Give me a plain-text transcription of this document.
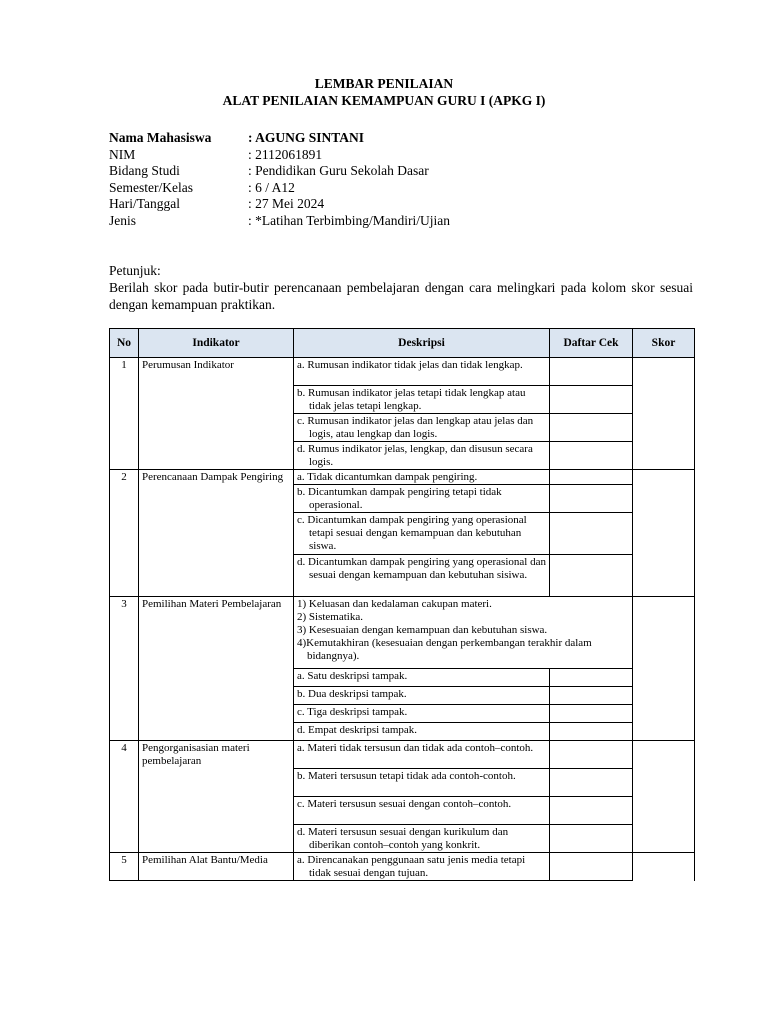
LEMBAR PENILAIAN
ALAT PENILAIAN KEMAMPUAN GURU I (APKG I)
Nama Mahasiswa	: AGUNG SINTANI
NIM	: 2112061891
Bidang Studi	: Pendidikan Guru Sekolah Dasar
Semester/Kelas	: 6 / A12
Hari/Tanggal	: 27 Mei 2024
Jenis	: *Latihan Terbimbing/Mandiri/Ujian

Petunjuk:

Berilah skor pada butir-butir perencanaan pembelajaran dengan cara melingkari pada kolom skor sesuai dengan kemampuan praktikan.

No	Indikator	Deskripsi	Daftar Cek	Skor
1	Perumusan Indikator	a. Rumusan indikator tidak jelas dan tidak lengkap.		

		b. Rumusan indikator jelas tetapi tidak lengkap atau tidak jelas tetapi lengkap.		

		c. Rumusan indikator jelas dan lengkap atau jelas dan logis, atau lengkap dan logis.		

		d. Rumus indikator jelas, lengkap, dan disusun secara logis.		

2	Perencanaan Dampak Pengiring	a. Tidak dicantumkan dampak pengiring.		

		b. Dicantumkan dampak pengiring tetapi tidak operasional.		

		c. Dicantumkan dampak pengiring yang operasional tetapi sesuai dengan kemampuan dan kebutuhan siswa.		

		d. Dicantumkan dampak pengiring yang operasional dan sesuai dengan kemampuan dan kebutuhan sisiwa.		

3	Pemilihan Materi Pembelajaran	1) Keluasan dan kedalaman cakupan materi.
2) Sistematika.
3) Kesesuaian dengan kemampuan dan kebutuhan siswa.
4)Kemutakhiran (kesesuaian dengan perkembangan terakhir dalam bidangnya).		

		a. Satu deskripsi tampak.		

		b. Dua deskripsi tampak.		

		c. Tiga deskripsi tampak.		

		d. Empat deskripsi tampak.		

4	Pengorganisasian materi pembelajaran	a. Materi tidak tersusun dan tidak ada contoh–contoh.		

		b. Materi tersusun tetapi tidak ada contoh-contoh.		

		c. Materi tersusun sesuai dengan contoh–contoh.		

		d. Materi tersusun sesuai dengan kurikulum dan diberikan contoh–contoh yang konkrit.		

5	Pemilihan Alat Bantu/Media	a. Direncanakan penggunaan satu jenis media tetapi tidak sesuai dengan tujuan.		
